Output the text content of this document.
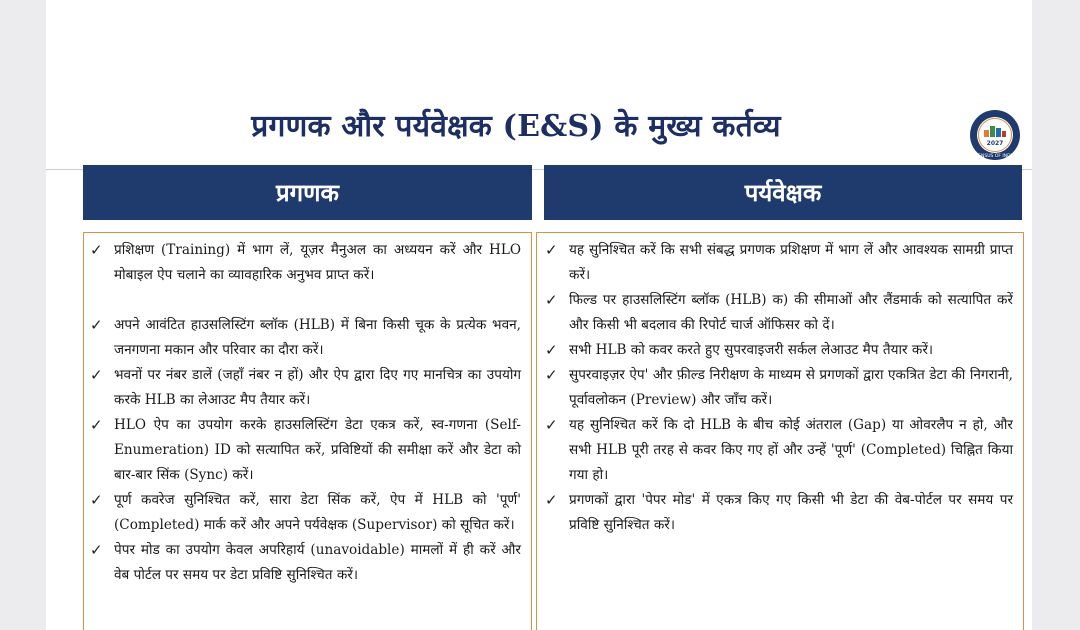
प्रगणक और पर्यवेक्षक (E&S) के मुख्य कर्तव्य	2027
CENSUS OF INDIA
प्रगणक	पर्यवेक्षक
✓ प्रशिक्षण (Training) में भाग लें, यूज़र मैनुअल का अध्ययन करें और HLO मोबाइल ऐप चलाने का व्यावहारिक अनुभव प्राप्त करें।
✓ अपने आवंटित हाउसलिस्टिंग ब्लॉक (HLB) में बिना किसी चूक के प्रत्येक भवन, जनगणना मकान और परिवार का दौरा करें।
✓ भवनों पर नंबर डालें (जहाँ नंबर न हों) और ऐप द्वारा दिए गए मानचित्र का उपयोग करके HLB का लेआउट मैप तैयार करें।
✓ HLO ऐप का उपयोग करके हाउसलिस्टिंग डेटा एकत्र करें, स्व-गणना (Self-Enumeration) ID को सत्यापित करें, प्रविष्टियों की समीक्षा करें और डेटा को बार-बार सिंक (Sync) करें।
✓ पूर्ण कवरेज सुनिश्चित करें, सारा डेटा सिंक करें, ऐप में HLB को 'पूर्ण' (Completed) मार्क करें और अपने पर्यवेक्षक (Supervisor) को सूचित करें।
✓ पेपर मोड का उपयोग केवल अपरिहार्य (unavoidable) मामलों में ही करें और वेब पोर्टल पर समय पर डेटा प्रविष्टि सुनिश्चित करें।
✓ यह सुनिश्चित करें कि सभी संबद्ध प्रगणक प्रशिक्षण में भाग लें और आवश्यक सामग्री प्राप्त करें।
✓ फिल्ड पर हाउसलिस्टिंग ब्लॉक (HLB) क) की सीमाओं और लैंडमार्क को सत्यापित करें और किसी भी बदलाव की रिपोर्ट चार्ज ऑफिसर को दें।
✓ सभी HLB को कवर करते हुए सुपरवाइजरी सर्कल लेआउट मैप तैयार करें।
✓ सुपरवाइज़र ऐप' और फ़ील्ड निरीक्षण के माध्यम से प्रगणकों द्वारा एकत्रित डेटा की निगरानी, पूर्वावलोकन (Preview) और जाँच करें।
✓ यह सुनिश्चित करें कि दो HLB के बीच कोई अंतराल (Gap) या ओवरलैप न हो, और सभी HLB पूरी तरह से कवर किए गए हों और उन्हें 'पूर्ण' (Completed) चिह्नित किया गया हो।
✓ प्रगणकों द्वारा 'पेपर मोड' में एकत्र किए गए किसी भी डेटा की वेब-पोर्टल पर समय पर प्रविष्टि सुनिश्चित करें।
